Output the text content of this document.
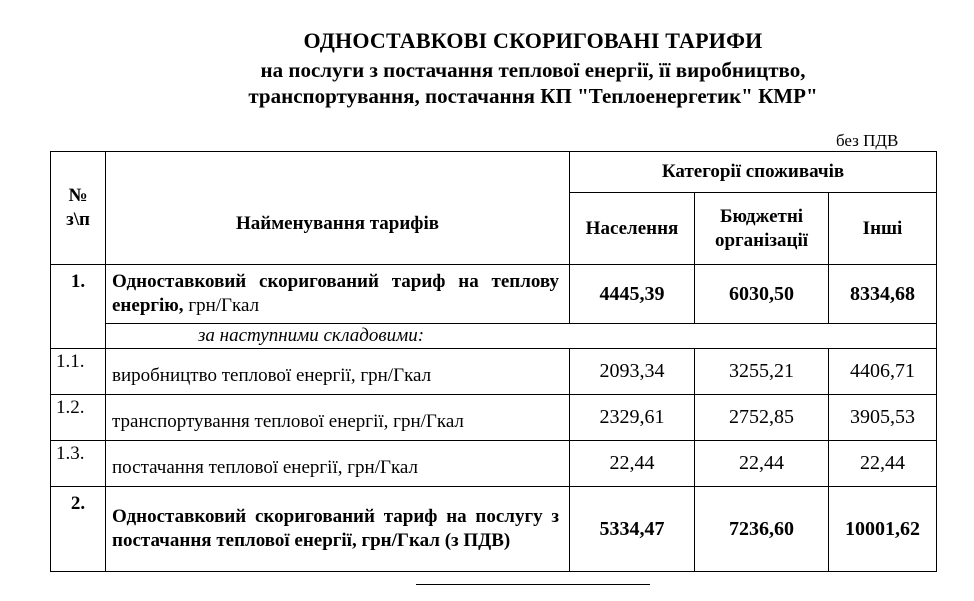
ОДНОСТАВКОВІ СКОРИГОВАНІ ТАРИФИ
на послуги з постачання теплової енергії, її виробництво,
транспортування, постачання КП "Теплоенергетик" КМР"
без ПДВ
№ з\п	Найменування тарифів	Категорії споживачів		
		Населення	Бюджетні організації	Інші
1.	Одноставковий скоригований тариф на теплову енергію, грн/Гкал	4445,39	6030,50	8334,68
	за наступними складовими:			
1.1.	виробництво теплової енергії, грн/Гкал	2093,34	3255,21	4406,71
1.2.	транспортування теплової енергії, грн/Гкал	2329,61	2752,85	3905,53
1.3.	постачання теплової енергії, грн/Гкал	22,44	22,44	22,44
2.	Одноставковий скоригований тариф на послугу з постачання теплової енергії, грн/Гкал (з ПДВ)	5334,47	7236,60	10001,62
